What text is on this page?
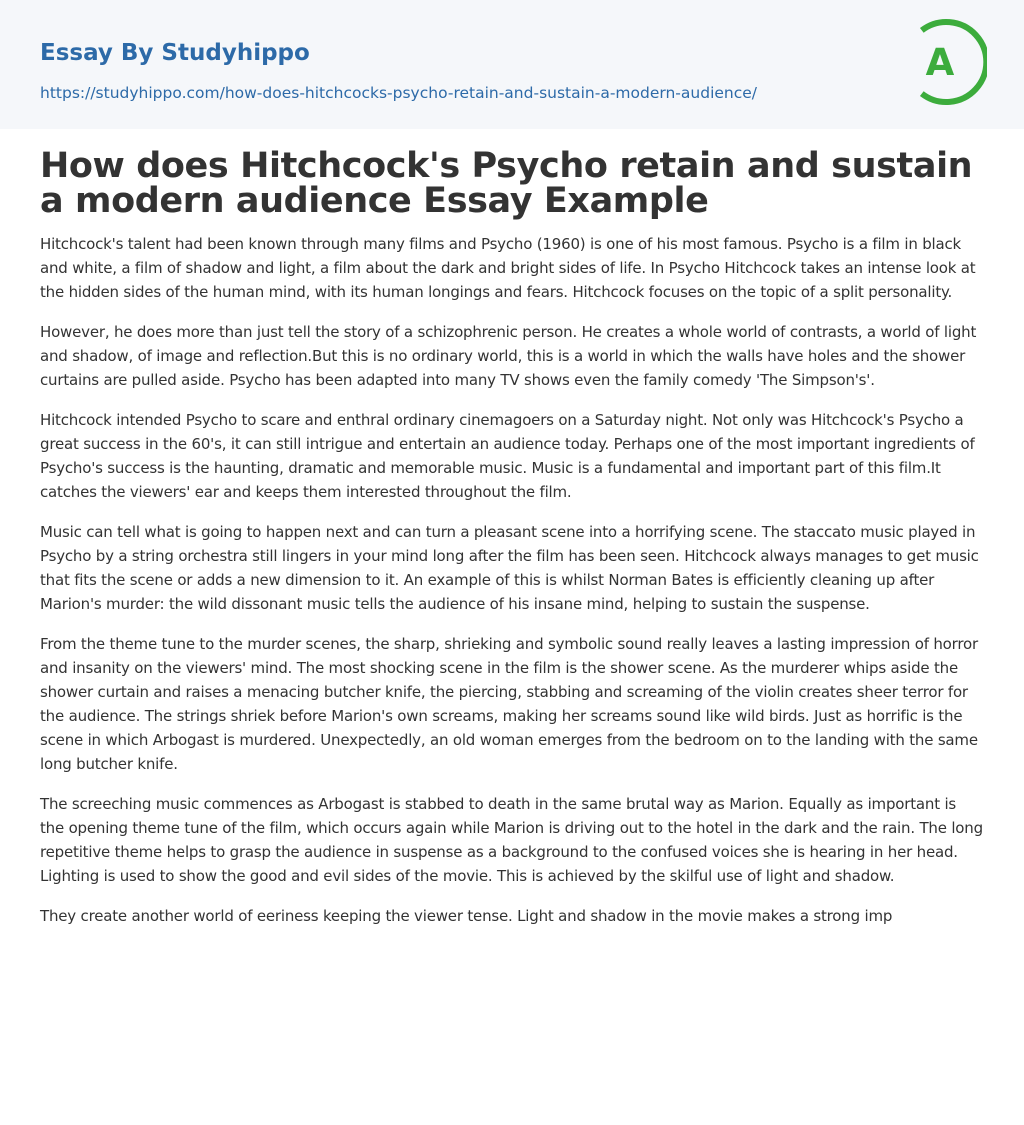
Essay By Studyhippo
https://studyhippo.com/how-does-hitchcocks-psycho-retain-and-sustain-a-modern-audience/
A
How does Hitchcock's Psycho retain and sustain a modern audience Essay Example

Hitchcock's talent had been known through many films and Psycho (1960) is one of his most famous. Psycho is a film in black and white, a film of shadow and light, a film about the dark and bright sides of life. In Psycho Hitchcock takes an intense look at the hidden sides of the human mind, with its human longings and fears. Hitchcock focuses on the topic of a split personality.

However, he does more than just tell the story of a schizophrenic person. He creates a whole world of contrasts, a world of light and shadow, of image and reflection.But this is no ordinary world, this is a world in which the walls have holes and the shower curtains are pulled aside. Psycho has been adapted into many TV shows even the family comedy 'The Simpson's'.

Hitchcock intended Psycho to scare and enthral ordinary cinemagoers on a Saturday night. Not only was Hitchcock's Psycho a great success in the 60's, it can still intrigue and entertain an audience today. Perhaps one of the most important ingredients of Psycho's success is the haunting, dramatic and memorable music. Music is a fundamental and important part of this film.It catches the viewers' ear and keeps them interested throughout the film.

Music can tell what is going to happen next and can turn a pleasant scene into a horrifying scene. The staccato music played in Psycho by a string orchestra still lingers in your mind long after the film has been seen. Hitchcock always manages to get music that fits the scene or adds a new dimension to it. An example of this is whilst Norman Bates is efficiently cleaning up after Marion's murder: the wild dissonant music tells the audience of his insane mind, helping to sustain the suspense.

From the theme tune to the murder scenes, the sharp, shrieking and symbolic sound really leaves a lasting impression of horror and insanity on the viewers' mind. The most shocking scene in the film is the shower scene. As the murderer whips aside the shower curtain and raises a menacing butcher knife, the piercing, stabbing and screaming of the violin creates sheer terror for the audience. The strings shriek before Marion's own screams, making her screams sound like wild birds. Just as horrific is the scene in which Arbogast is murdered. Unexpectedly, an old woman emerges from the bedroom on to the landing with the same long butcher knife.

The screeching music commences as Arbogast is stabbed to death in the same brutal way as Marion. Equally as important is the opening theme tune of the film, which occurs again while Marion is driving out to the hotel in the dark and the rain. The long repetitive theme helps to grasp the audience in suspense as a background to the confused voices she is hearing in her head. Lighting is used to show the good and evil sides of the movie. This is achieved by the skilful use of light and shadow.

They create another world of eeriness keeping the viewer tense. Light and shadow in the movie makes a strong imp
